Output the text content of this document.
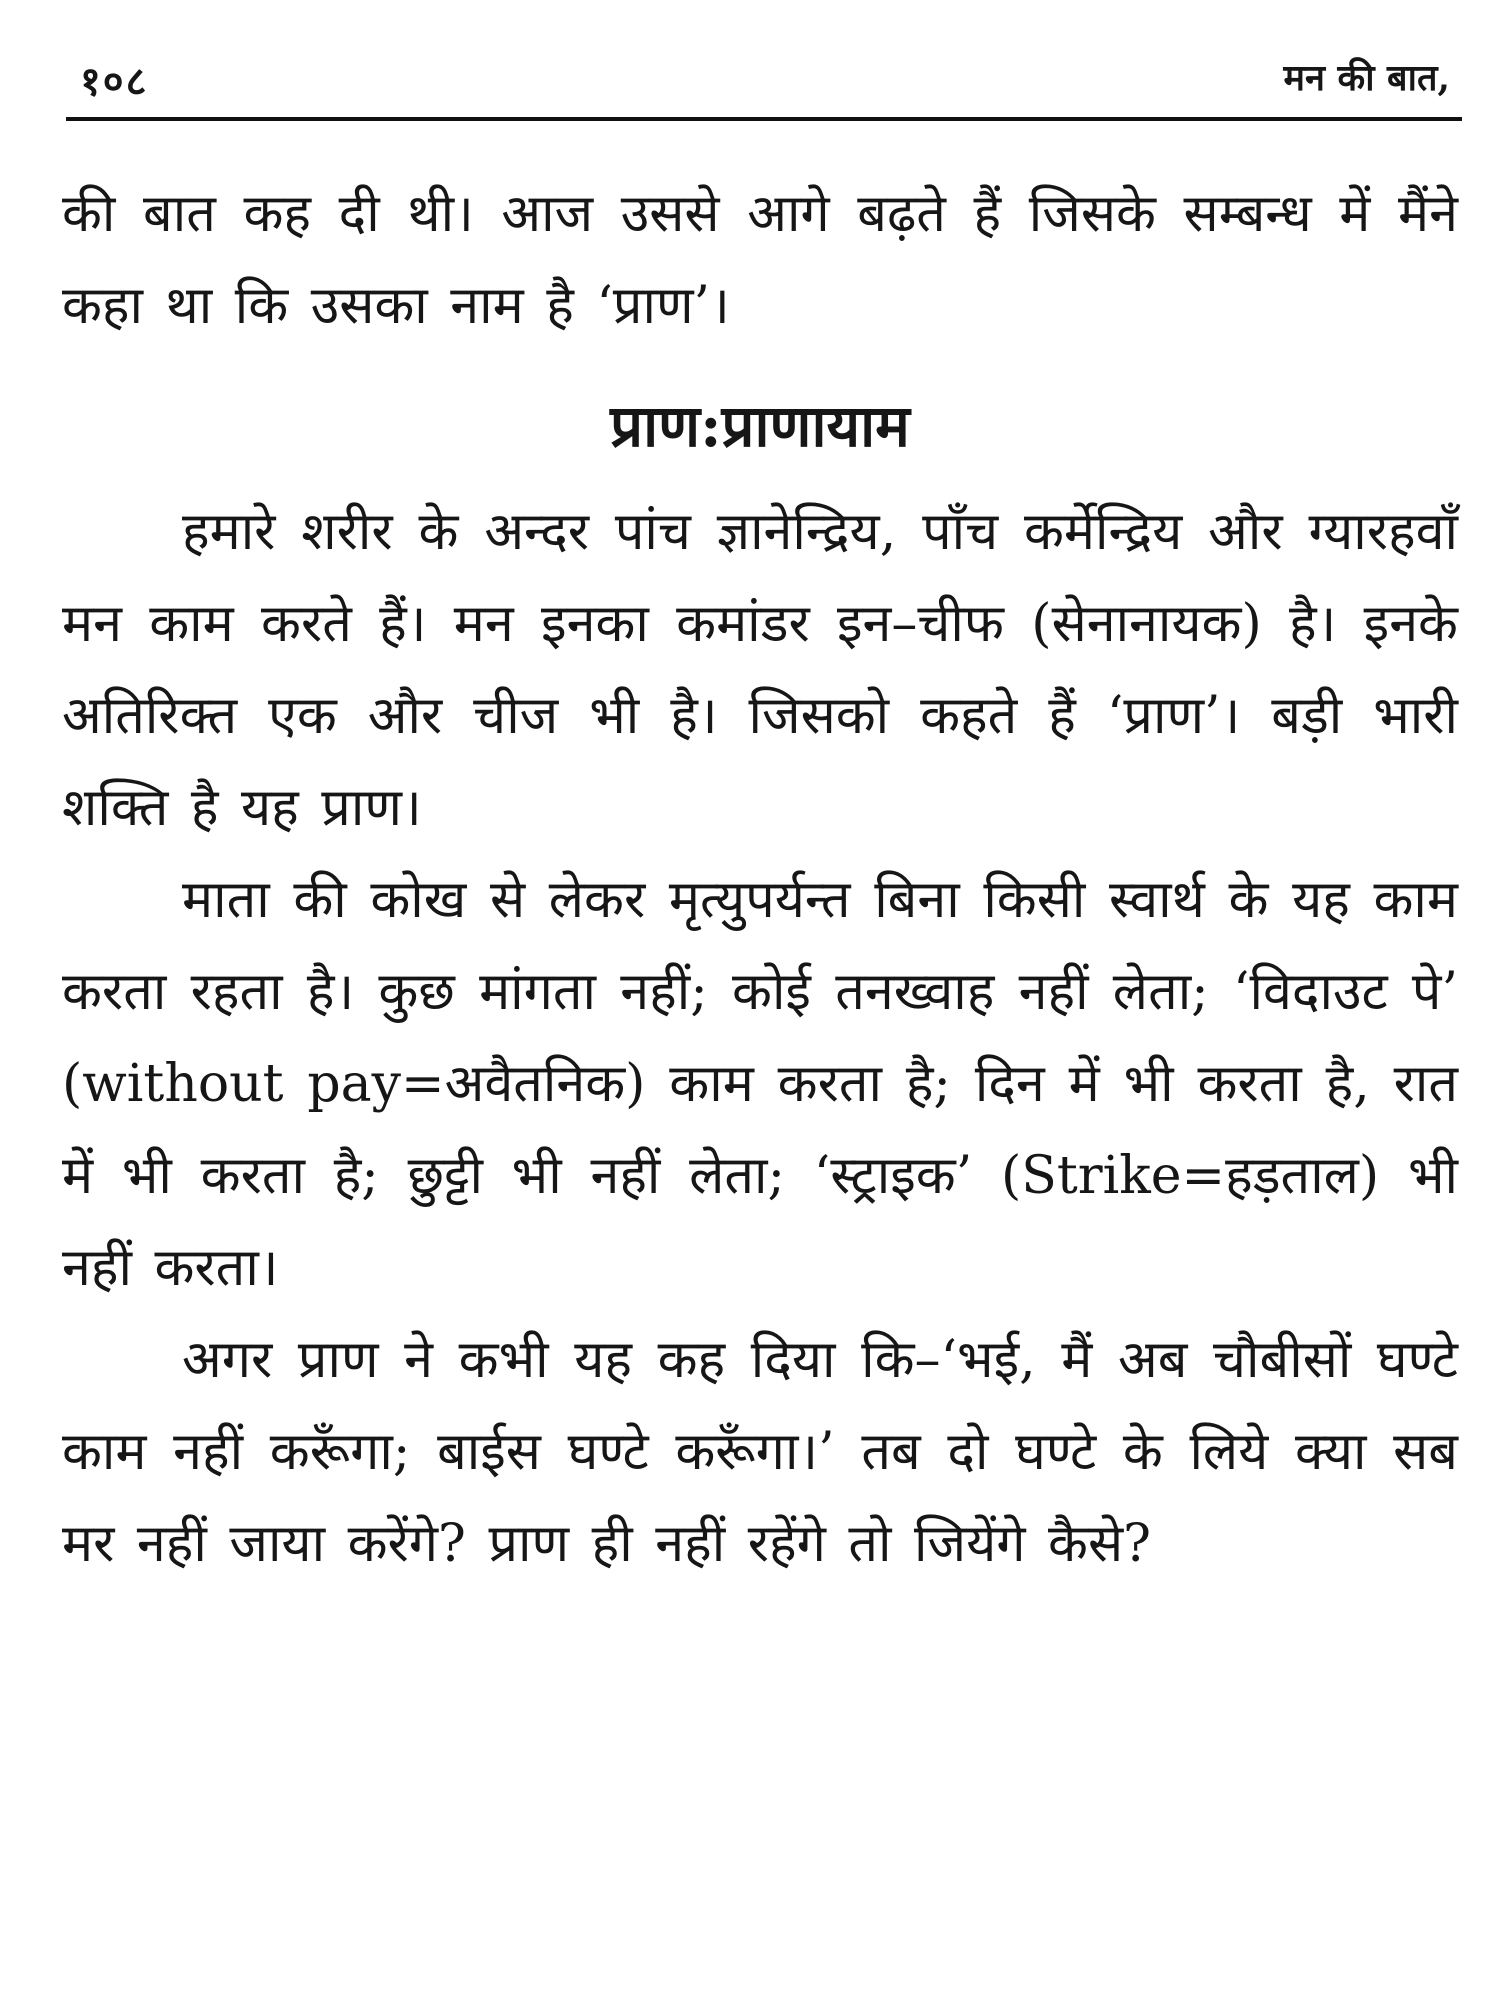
१०८	मन की बात,

की बात कह दी थी। आज उससे आगे बढ़ते हैं जिसके सम्बन्ध में मैंने कहा था कि उसका नाम है ‘प्राण’।

प्राण:प्राणायाम

हमारे शरीर के अन्दर पांच ज्ञानेन्द्रिय, पाँच कर्मेन्द्रिय और ग्यारहवाँ मन काम करते हैं। मन इनका कमांडर इन–चीफ (सेनानायक) है। इनके अतिरिक्त एक और चीज भी है। जिसको कहते हैं ‘प्राण’। बड़ी भारी शक्ति है यह प्राण।

माता की कोख से लेकर मृत्युपर्यन्त बिना किसी स्वार्थ के यह काम करता रहता है। कुछ मांगता नहीं; कोई तनख्वाह नहीं लेता; ‘विदाउट पे’ (without pay=अवैतनिक) काम करता है; दिन में भी करता है, रात में भी करता है; छुट्टी भी नहीं लेता; ‘स्ट्राइक’ (Strike=हड़ताल) भी नहीं करता।

अगर प्राण ने कभी यह कह दिया कि–‘भई, मैं अब चौबीसों घण्टे काम नहीं करूँगा; बाईस घण्टे करूँगा।’ तब दो घण्टे के लिये क्या सब मर नहीं जाया करेंगे? प्राण ही नहीं रहेंगे तो जियेंगे कैसे?
